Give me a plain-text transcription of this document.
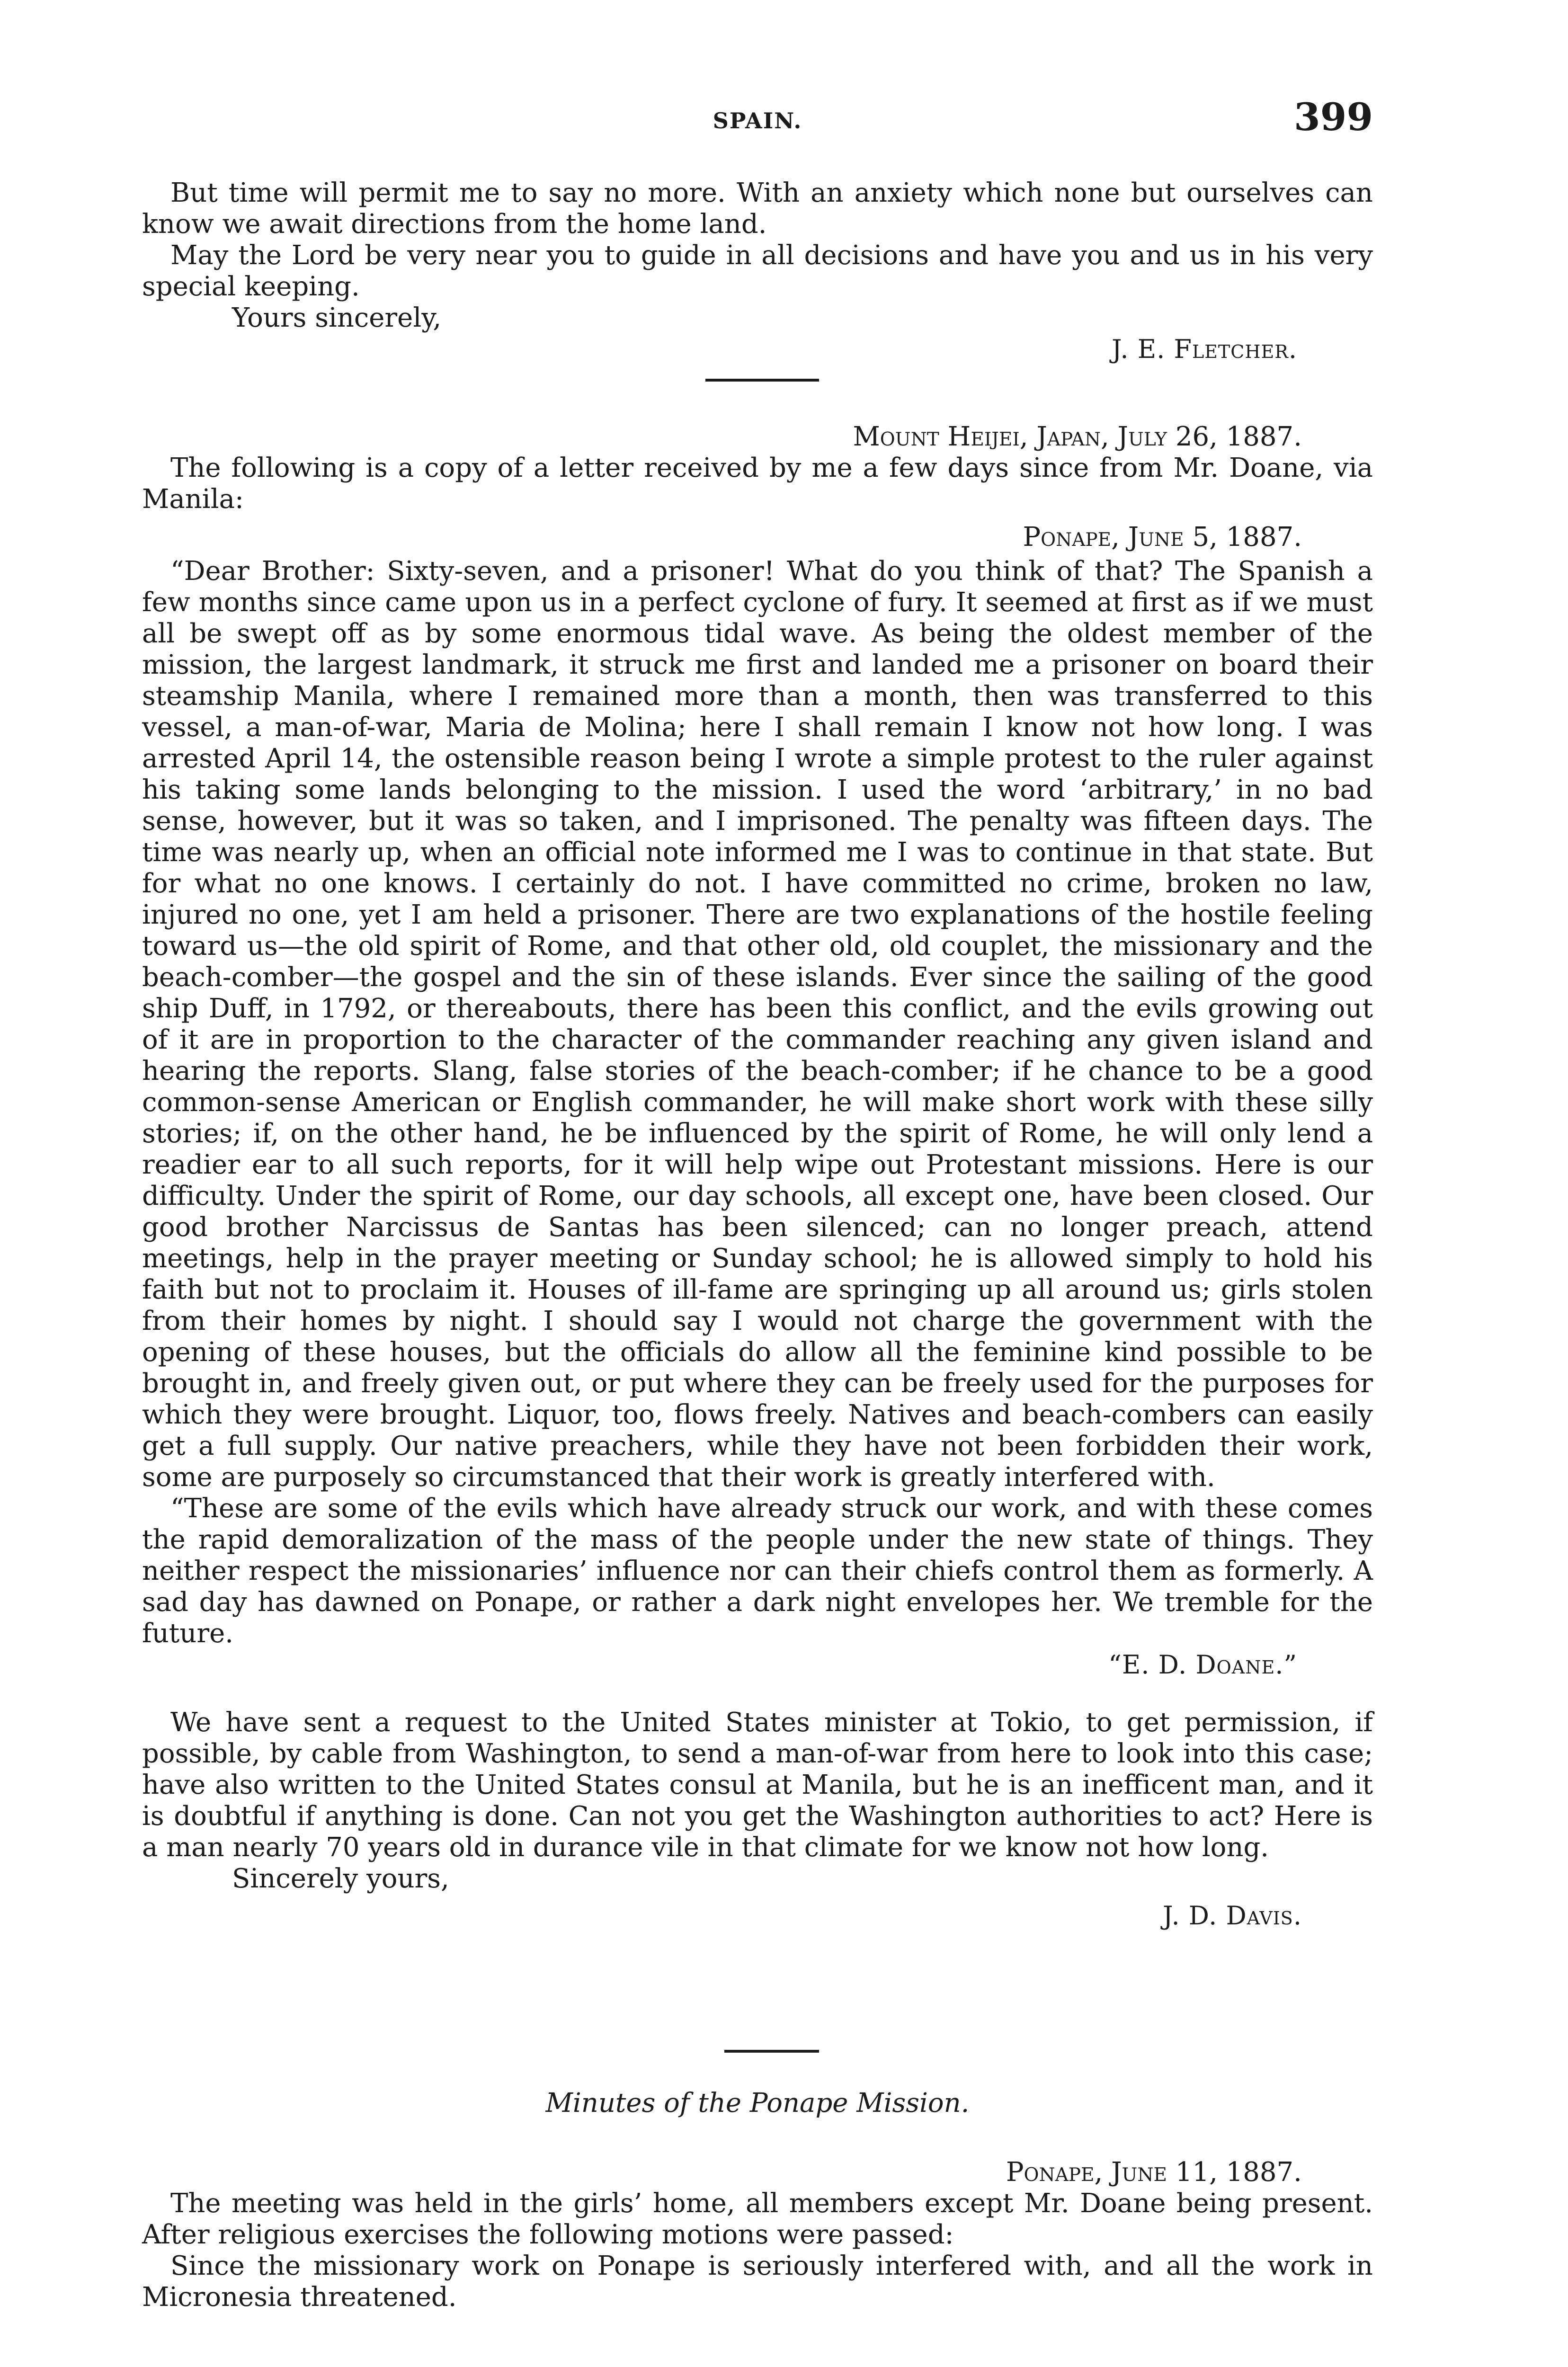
SPAIN.	399

But time will permit me to say no more. With an anxiety which none but ourselves can know we await directions from the home land.

May the Lord be very near you to guide in all decisions and have you and us in his very special keeping.

Yours sincerely,

J. E. Fletcher.

Mount Heijei, Japan, July 26, 1887.

The following is a copy of a letter received by me a few days since from Mr. Doane, via Manila:

Ponape, June 5, 1887.

“Dear Brother: Sixty-seven, and a prisoner! What do you think of that? The Spanish a few months since came upon us in a perfect cyclone of fury. It seemed at first as if we must all be swept off as by some enormous tidal wave. As being the oldest member of the mission, the largest landmark, it struck me first and landed me a prisoner on board their steamship Manila, where I remained more than a month, then was transferred to this vessel, a man-of-war, Maria de Molina; here I shall remain I know not how long. I was arrested April 14, the ostensible reason being I wrote a simple protest to the ruler against his taking some lands belonging to the mission. I used the word ‘arbitrary,’ in no bad sense, however, but it was so taken, and I imprisoned. The penalty was fifteen days. The time was nearly up, when an official note informed me I was to continue in that state. But for what no one knows. I certainly do not. I have committed no crime, broken no law, injured no one, yet I am held a prisoner. There are two explanations of the hostile feeling toward us—the old spirit of Rome, and that other old, old couplet, the missionary and the beach-comber—the gospel and the sin of these islands. Ever since the sailing of the good ship Duff, in 1792, or thereabouts, there has been this conflict, and the evils growing out of it are in proportion to the character of the commander reaching any given island and hearing the reports. Slang, false stories of the beach-comber; if he chance to be a good common-sense American or English commander, he will make short work with these silly stories; if, on the other hand, he be influenced by the spirit of Rome, he will only lend a readier ear to all such reports, for it will help wipe out Protestant missions. Here is our difficulty. Under the spirit of Rome, our day schools, all except one, have been closed. Our good brother Narcissus de Santas has been silenced; can no longer preach, attend meetings, help in the prayer meeting or Sunday school; he is allowed simply to hold his faith but not to proclaim it. Houses of ill-fame are springing up all around us; girls stolen from their homes by night. I should say I would not charge the government with the opening of these houses, but the officials do allow all the feminine kind possible to be brought in, and freely given out, or put where they can be freely used for the purposes for which they were brought. Liquor, too, flows freely. Natives and beach-combers can easily get a full supply. Our native preachers, while they have not been forbidden their work, some are purposely so circumstanced that their work is greatly interfered with.

“These are some of the evils which have already struck our work, and with these comes the rapid demoralization of the mass of the people under the new state of things. They neither respect the missionaries’ influence nor can their chiefs control them as formerly. A sad day has dawned on Ponape, or rather a dark night envelopes her. We tremble for the future.

“E. D. Doane.”

We have sent a request to the United States minister at Tokio, to get permission, if possible, by cable from Washington, to send a man-of-war from here to look into this case; have also written to the United States consul at Manila, but he is an inefficent man, and it is doubtful if anything is done. Can not you get the Washington authorities to act? Here is a man nearly 70 years old in durance vile in that climate for we know not how long.

Sincerely yours,

J. D. Davis.

Minutes of the Ponape Mission.

Ponape, June 11, 1887.

The meeting was held in the girls’ home, all members except Mr. Doane being present. After religious exercises the following motions were passed:

Since the missionary work on Ponape is seriously interfered with, and all the work in Micronesia threatened.
